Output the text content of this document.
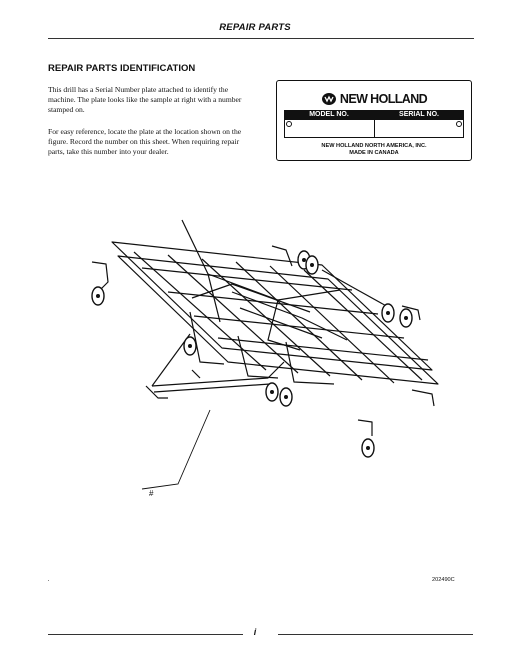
REPAIR PARTS
REPAIR PARTS IDENTIFICATION

This drill has a Serial Number plate attached to identify the machine. The plate looks like the sample at right with a number stamped on.

For easy reference, locate the plate at the location shown on the figure. Record the number on this sheet. When requiring repair parts, take this number into your dealer.

NEW HOLLAND
MODEL NO.	SERIAL NO.
NEW HOLLAND NORTH AMERICA, INC.
MADE IN CANADA
#
202490C
i
